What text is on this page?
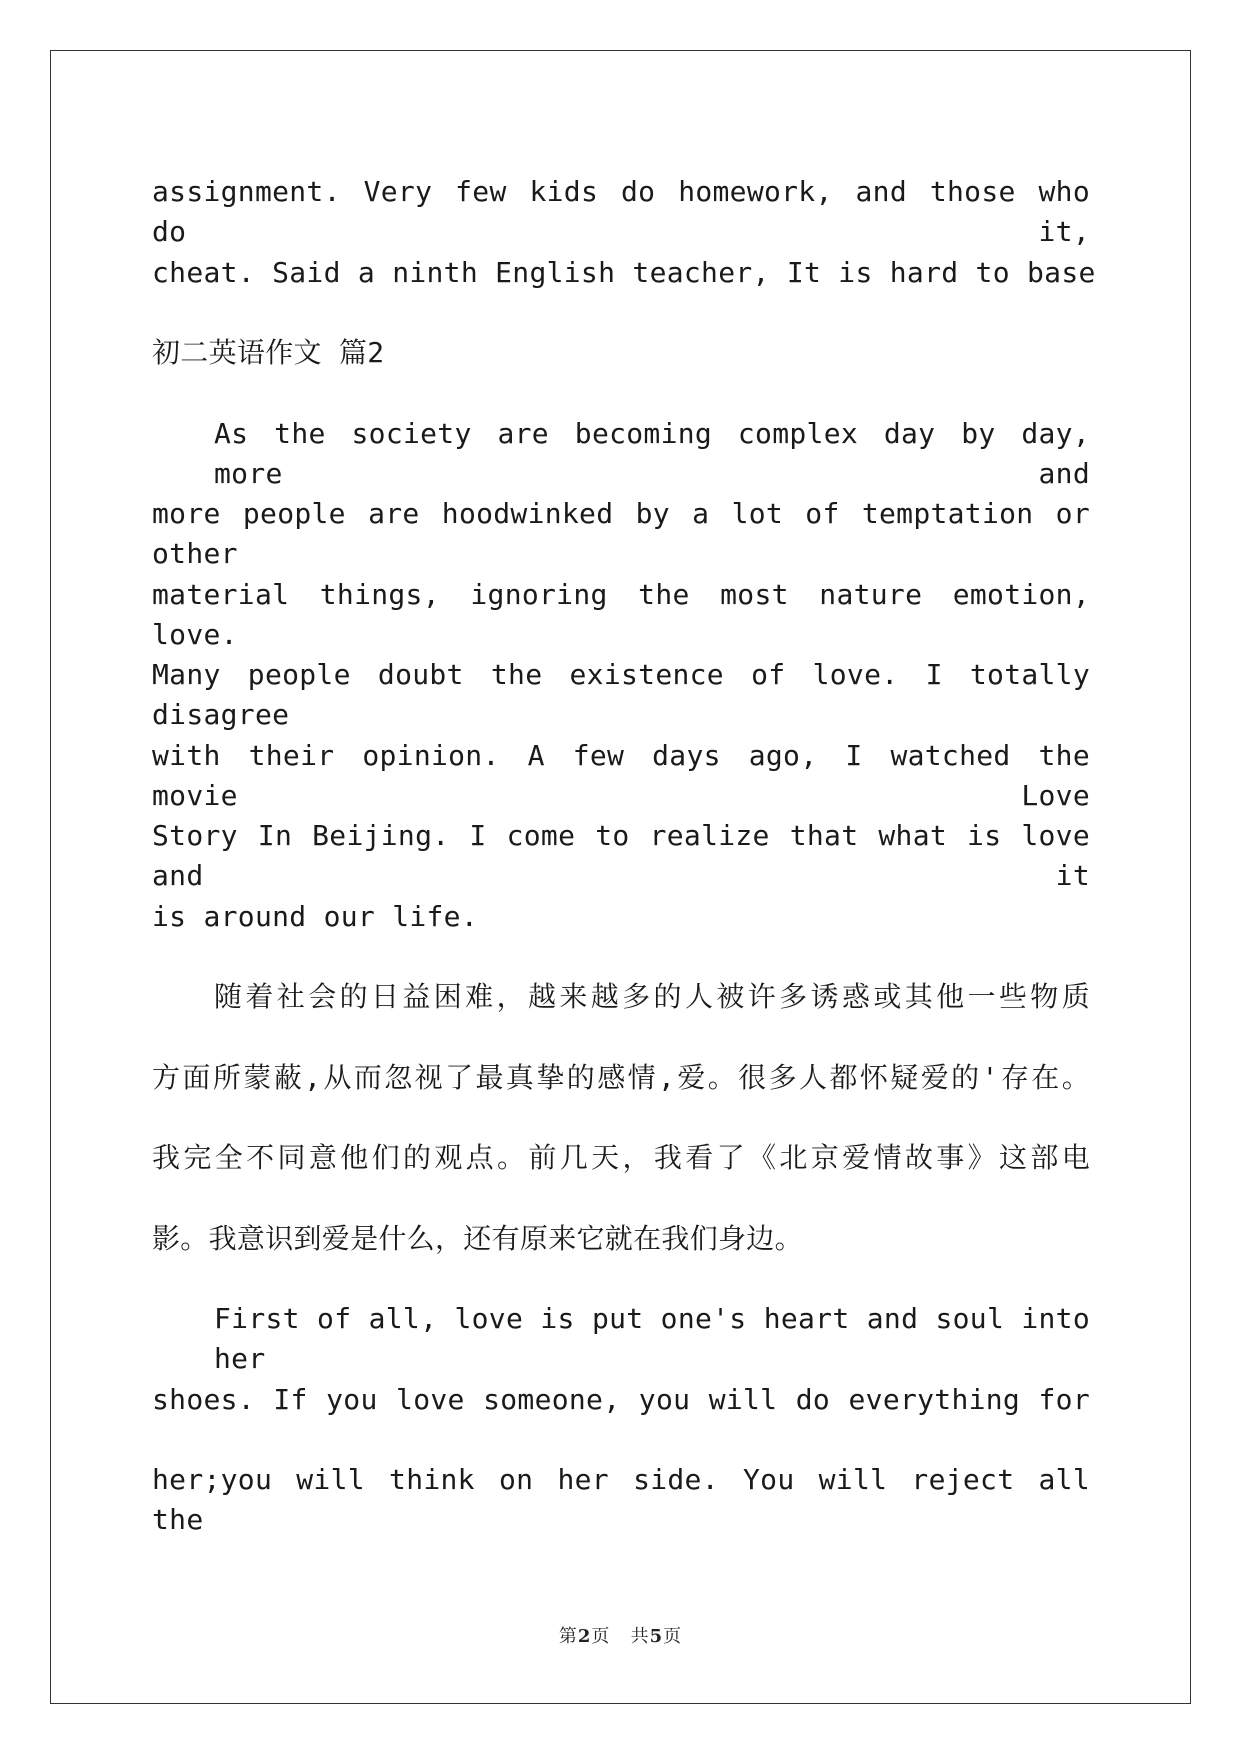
assignment. Very few kids do homework, and those who do it,
cheat. Said a ninth English teacher, It is hard to base
初二英语作文 篇2
As the society are becoming complex day by day, more and
more people are hoodwinked by a lot of temptation or other
material things, ignoring the most nature emotion, love.
Many people doubt the existence of love. I totally disagree
with their opinion. A few days ago, I watched the movie Love
Story In Beijing. I come to realize that what is love and it
is around our life.
随着社会的日益困难，越来越多的人被许多诱惑或其他一些物质
方面所蒙蔽,从而忽视了最真挚的感情,爱。很多人都怀疑爱的'存在。
我完全不同意他们的观点。前几天，我看了《北京爱情故事》这部电
影。我意识到爱是什么，还有原来它就在我们身边。
First of all, love is put one's heart and soul into her
shoes. If you love someone, you will do everything for
her;you will think on her side. You will reject all the
第2页 共5页
